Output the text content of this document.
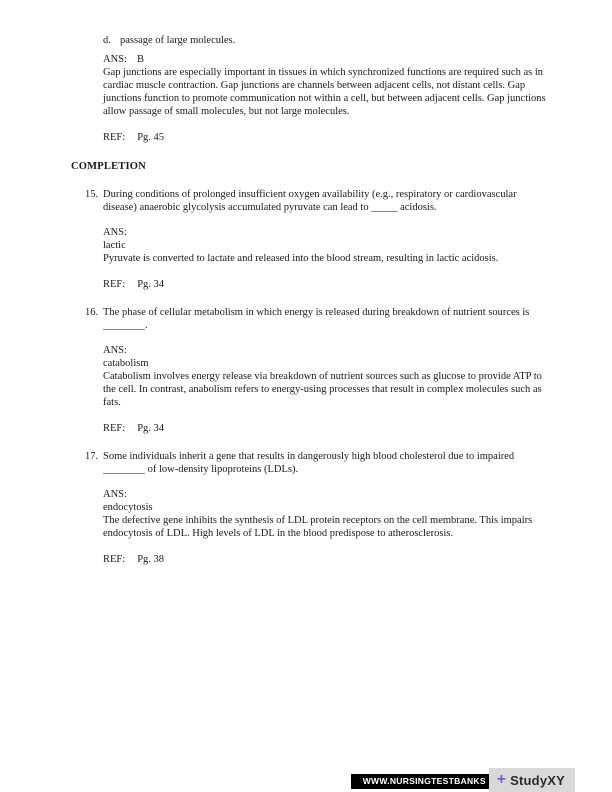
d. passage of large molecules.
ANS: B
Gap junctions are especially important in tissues in which synchronized functions are required such as in cardiac muscle contraction. Gap junctions are channels between adjacent cells, not distant cells. Gap junctions function to promote communication not within a cell, but between adjacent cells. Gap junctions allow passage of small molecules, but not large molecules.
REF: Pg. 45
COMPLETION
15. During conditions of prolonged insufficient oxygen availability (e.g., respiratory or cardiovascular disease) anaerobic glycolysis accumulated pyruvate can lead to _____ acidosis.
ANS:
lactic
Pyruvate is converted to lactate and released into the blood stream, resulting in lactic acidosis.
REF: Pg. 34
16. The phase of cellular metabolism in which energy is released during breakdown of nutrient sources is ________.
ANS:
catabolism
Catabolism involves energy release via breakdown of nutrient sources such as glucose to provide ATP to the cell. In contrast, anabolism refers to energy-using processes that result in complex molecules such as fats.
REF: Pg. 34
17. Some individuals inherit a gene that results in dangerously high blood cholesterol due to impaired ________ of low-density lipoproteins (LDLs).
ANS:
endocytosis
The defective gene inhibits the synthesis of LDL protein receptors on the cell membrane. This impairs endocytosis of LDL. High levels of LDL in the blood predispose to atherosclerosis.
REF: Pg. 38
WWW.NURSINGTESTBANKS + StudyXY
